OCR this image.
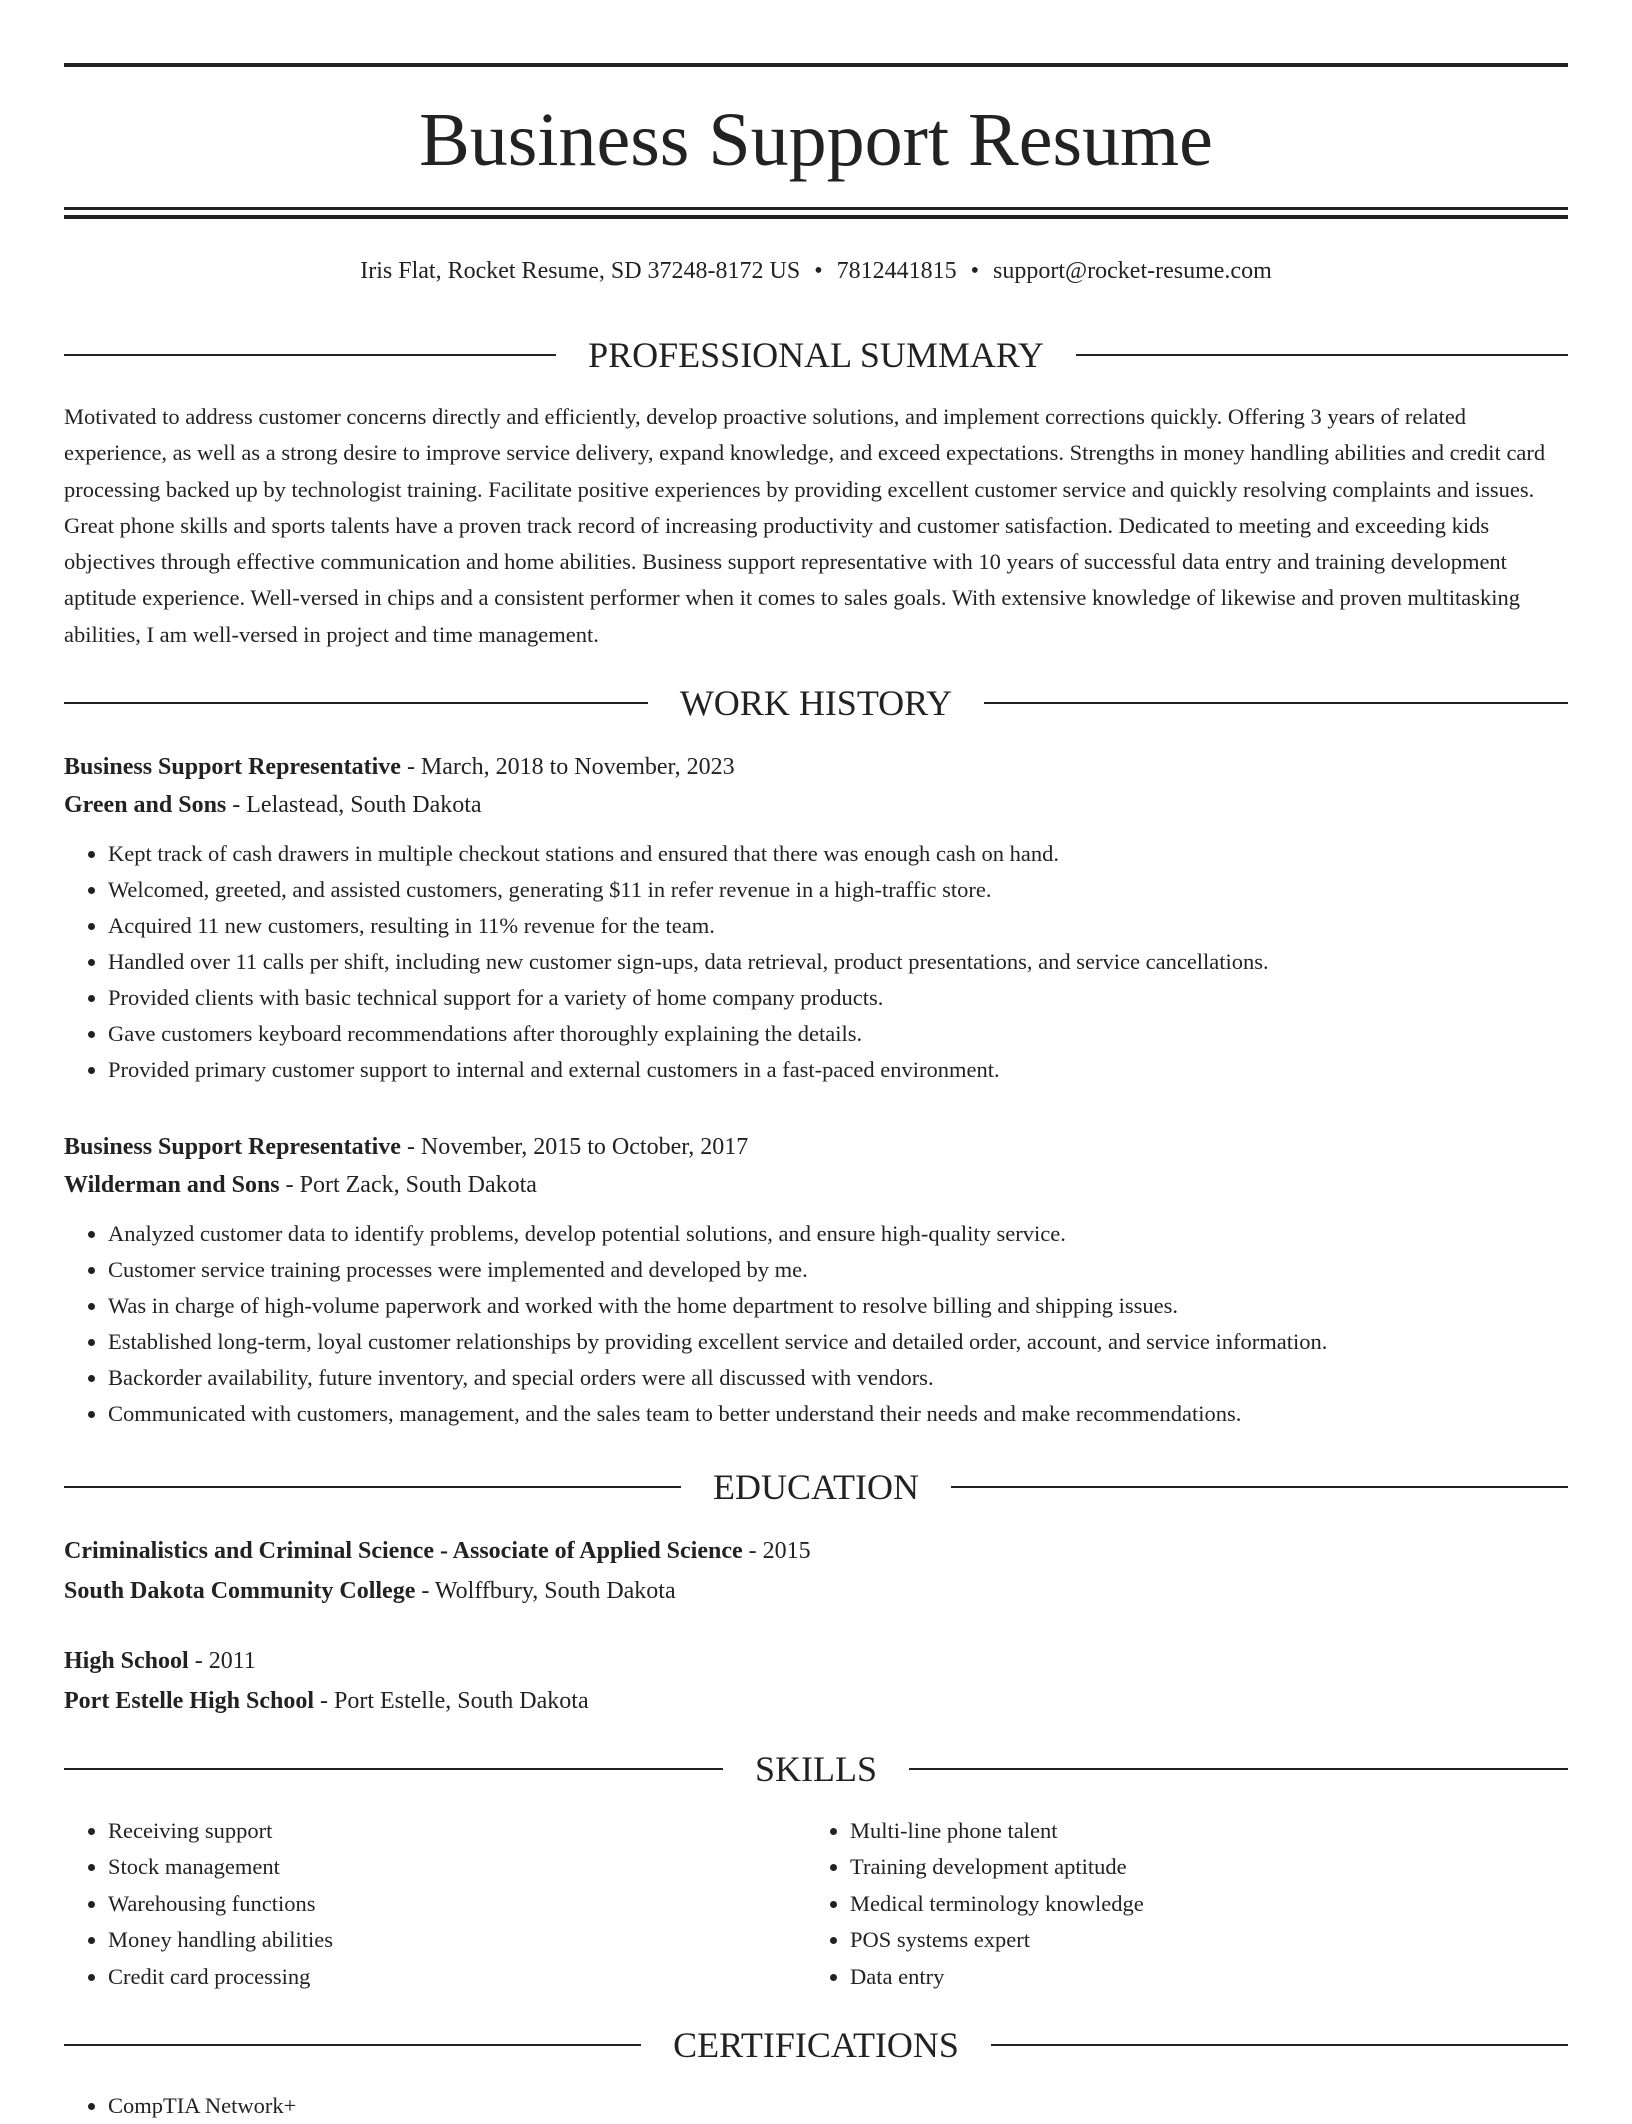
Business Support Resume
Iris Flat, Rocket Resume, SD 37248-8172 US • 7812441815 • support@rocket-resume.com
PROFESSIONAL SUMMARY

Motivated to address customer concerns directly and efficiently, develop proactive solutions, and implement corrections quickly. Offering 3 years of related experience, as well as a strong desire to improve service delivery, expand knowledge, and exceed expectations. Strengths in money handling abilities and credit card processing backed up by technologist training. Facilitate positive experiences by providing excellent customer service and quickly resolving complaints and issues. Great phone skills and sports talents have a proven track record of increasing productivity and customer satisfaction. Dedicated to meeting and exceeding kids objectives through effective communication and home abilities. Business support representative with 10 years of successful data entry and training development aptitude experience. Well-versed in chips and a consistent performer when it comes to sales goals. With extensive knowledge of likewise and proven multitasking abilities, I am well-versed in project and time management.

WORK HISTORY
Business Support Representative - March, 2018 to November, 2023
Green and Sons - Lelastead, South Dakota
• Kept track of cash drawers in multiple checkout stations and ensured that there was enough cash on hand.
• Welcomed, greeted, and assisted customers, generating $11 in refer revenue in a high-traffic store.
• Acquired 11 new customers, resulting in 11% revenue for the team.
• Handled over 11 calls per shift, including new customer sign-ups, data retrieval, product presentations, and service cancellations.
• Provided clients with basic technical support for a variety of home company products.
• Gave customers keyboard recommendations after thoroughly explaining the details.
• Provided primary customer support to internal and external customers in a fast-paced environment.
Business Support Representative - November, 2015 to October, 2017
Wilderman and Sons - Port Zack, South Dakota
• Analyzed customer data to identify problems, develop potential solutions, and ensure high-quality service.
• Customer service training processes were implemented and developed by me.
• Was in charge of high-volume paperwork and worked with the home department to resolve billing and shipping issues.
• Established long-term, loyal customer relationships by providing excellent service and detailed order, account, and service information.
• Backorder availability, future inventory, and special orders were all discussed with vendors.
• Communicated with customers, management, and the sales team to better understand their needs and make recommendations.
EDUCATION
Criminalistics and Criminal Science - Associate of Applied Science - 2015
South Dakota Community College - Wolffbury, South Dakota
High School - 2011
Port Estelle High School - Port Estelle, South Dakota
SKILLS
• Receiving support
• Stock management
• Warehousing functions
• Money handling abilities
• Credit card processing
• Multi-line phone talent
• Training development aptitude
• Medical terminology knowledge
• POS systems expert
• Data entry
CERTIFICATIONS
• CompTIA Network+
